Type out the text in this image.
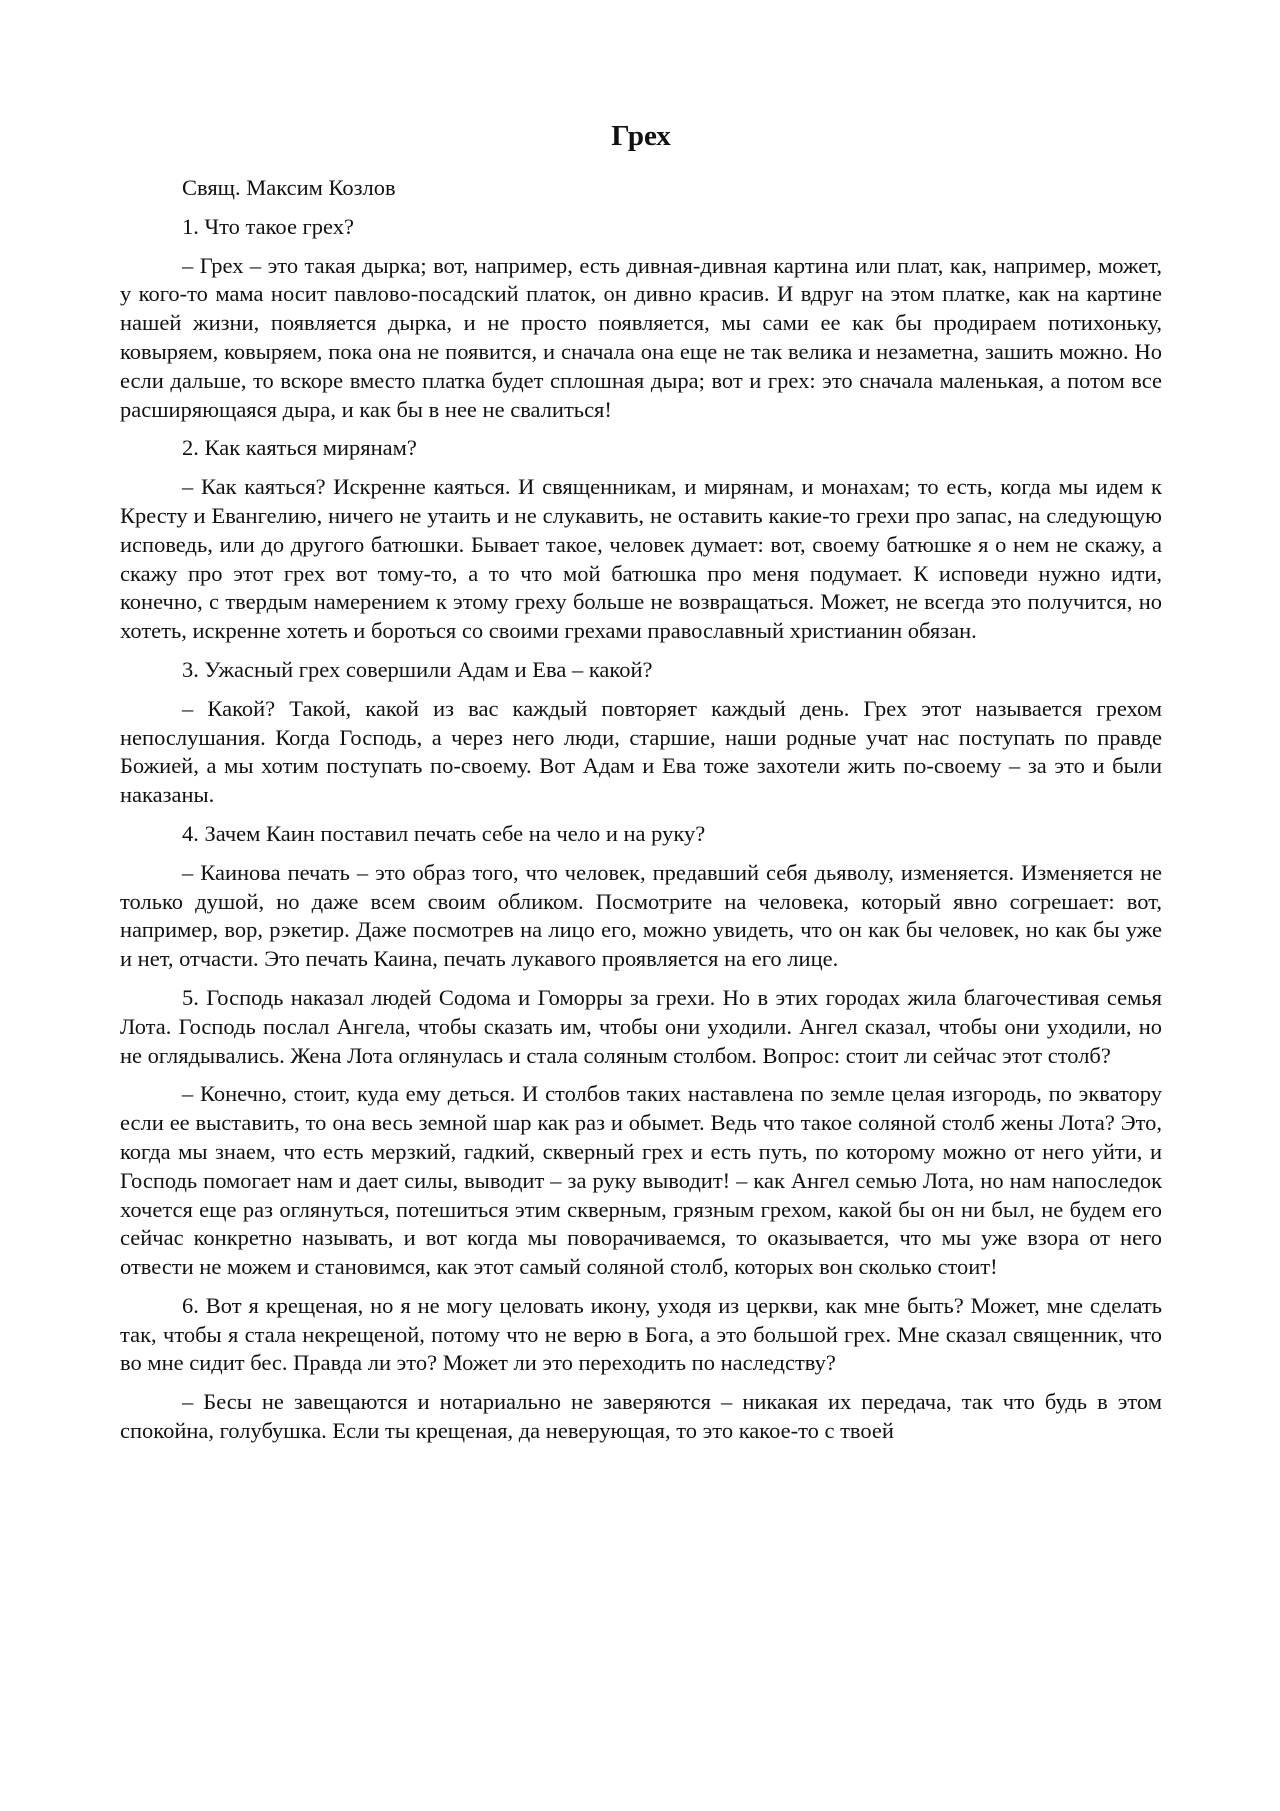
Грех

Свящ. Максим Козлов

1. Что такое грех?

– Грех – это такая дырка; вот, например, есть дивная-дивная картина или плат, как, например, может, у кого-то мама носит павлово-посадский платок, он дивно красив. И вдруг на этом платке, как на картине нашей жизни, появляется дырка, и не просто появляется, мы сами ее как бы продираем потихоньку, ковыряем, ковыряем, пока она не появится, и сначала она еще не так велика и незаметна, зашить можно. Но если дальше, то вскоре вместо платка будет сплошная дыра; вот и грех: это сначала маленькая, а потом все расширяющаяся дыра, и как бы в нее не свалиться!

2. Как каяться мирянам?

– Как каяться? Искренне каяться. И священникам, и мирянам, и монахам; то есть, когда мы идем к Кресту и Евангелию, ничего не утаить и не слукавить, не оставить какие-то грехи про запас, на следующую исповедь, или до другого батюшки. Бывает такое, человек думает: вот, своему батюшке я о нем не скажу, а скажу про этот грех вот тому-то, а то что мой батюшка про меня подумает. К исповеди нужно идти, конечно, с твердым намерением к этому греху больше не возвращаться. Может, не всегда это получится, но хотеть, искренне хотеть и бороться со своими грехами православный христианин обязан.

3. Ужасный грех совершили Адам и Ева – какой?

– Какой? Такой, какой из вас каждый повторяет каждый день. Грех этот называется грехом непослушания. Когда Господь, а через него люди, старшие, наши родные учат нас поступать по правде Божией, а мы хотим поступать по-своему. Вот Адам и Ева тоже захотели жить по-своему – за это и были наказаны.

4. Зачем Каин поставил печать себе на чело и на руку?

– Каинова печать – это образ того, что человек, предавший себя дьяволу, изменяется. Изменяется не только душой, но даже всем своим обликом. Посмотрите на человека, который явно согрешает: вот, например, вор, рэкетир. Даже посмотрев на лицо его, можно увидеть, что он как бы человек, но как бы уже и нет, отчасти. Это печать Каина, печать лукавого проявляется на его лице.

5. Господь наказал людей Содома и Гоморры за грехи. Но в этих городах жила благочестивая семья Лота. Господь послал Ангела, чтобы сказать им, чтобы они уходили. Ангел сказал, чтобы они уходили, но не оглядывались. Жена Лота оглянулась и стала соляным столбом. Вопрос: стоит ли сейчас этот столб?

– Конечно, стоит, куда ему деться. И столбов таких наставлена по земле целая изгородь, по экватору если ее выставить, то она весь земной шар как раз и обымет. Ведь что такое соляной столб жены Лота? Это, когда мы знаем, что есть мерзкий, гадкий, скверный грех и есть путь, по которому можно от него уйти, и Господь помогает нам и дает силы, выводит – за руку выводит! – как Ангел семью Лота, но нам напоследок хочется еще раз оглянуться, потешиться этим скверным, грязным грехом, какой бы он ни был, не будем его сейчас конкретно называть, и вот когда мы поворачиваемся, то оказывается, что мы уже взора от него отвести не можем и становимся, как этот самый соляной столб, которых вон сколько стоит!

6. Вот я крещеная, но я не могу целовать икону, уходя из церкви, как мне быть? Может, мне сделать так, чтобы я стала некрещеной, потому что не верю в Бога, а это большой грех. Мне сказал священник, что во мне сидит бес. Правда ли это? Может ли это переходить по наследству?

– Бесы не завещаются и нотариально не заверяются – никакая их передача, так что будь в этом спокойна, голубушка. Если ты крещеная, да неверующая, то это какое-то с твоей
